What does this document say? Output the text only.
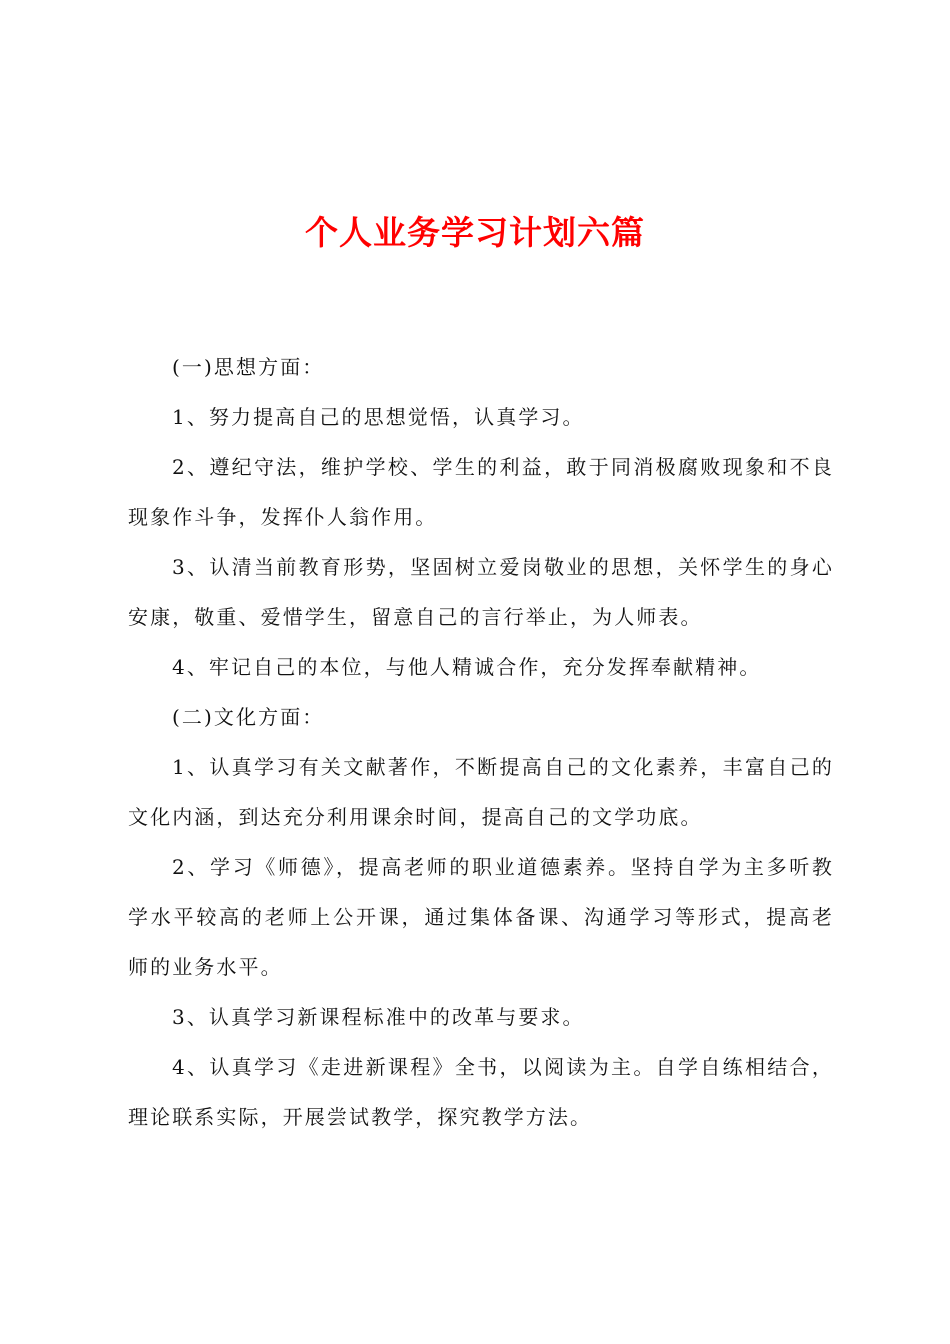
个人业务学习计划六篇

(一)思想方面：

1、努力提高自己的思想觉悟，认真学习。

2、遵纪守法，维护学校、学生的利益，敢于同消极腐败现象和不良现象作斗争，发挥仆人翁作用。

3、认清当前教育形势，坚固树立爱岗敬业的思想，关怀学生的身心安康，敬重、爱惜学生，留意自己的言行举止，为人师表。

4、牢记自己的本位，与他人精诚合作，充分发挥奉献精神。

(二)文化方面：

1、认真学习有关文献著作，不断提高自己的文化素养，丰富自己的文化内涵，到达充分利用课余时间，提高自己的文学功底。

2、学习《师德》，提高老师的职业道德素养。坚持自学为主多听教学水平较高的老师上公开课，通过集体备课、沟通学习等形式，提高老师的业务水平。

3、认真学习新课程标准中的改革与要求。

4、认真学习《走进新课程》全书，以阅读为主。自学自练相结合，理论联系实际，开展尝试教学，探究教学方法。
